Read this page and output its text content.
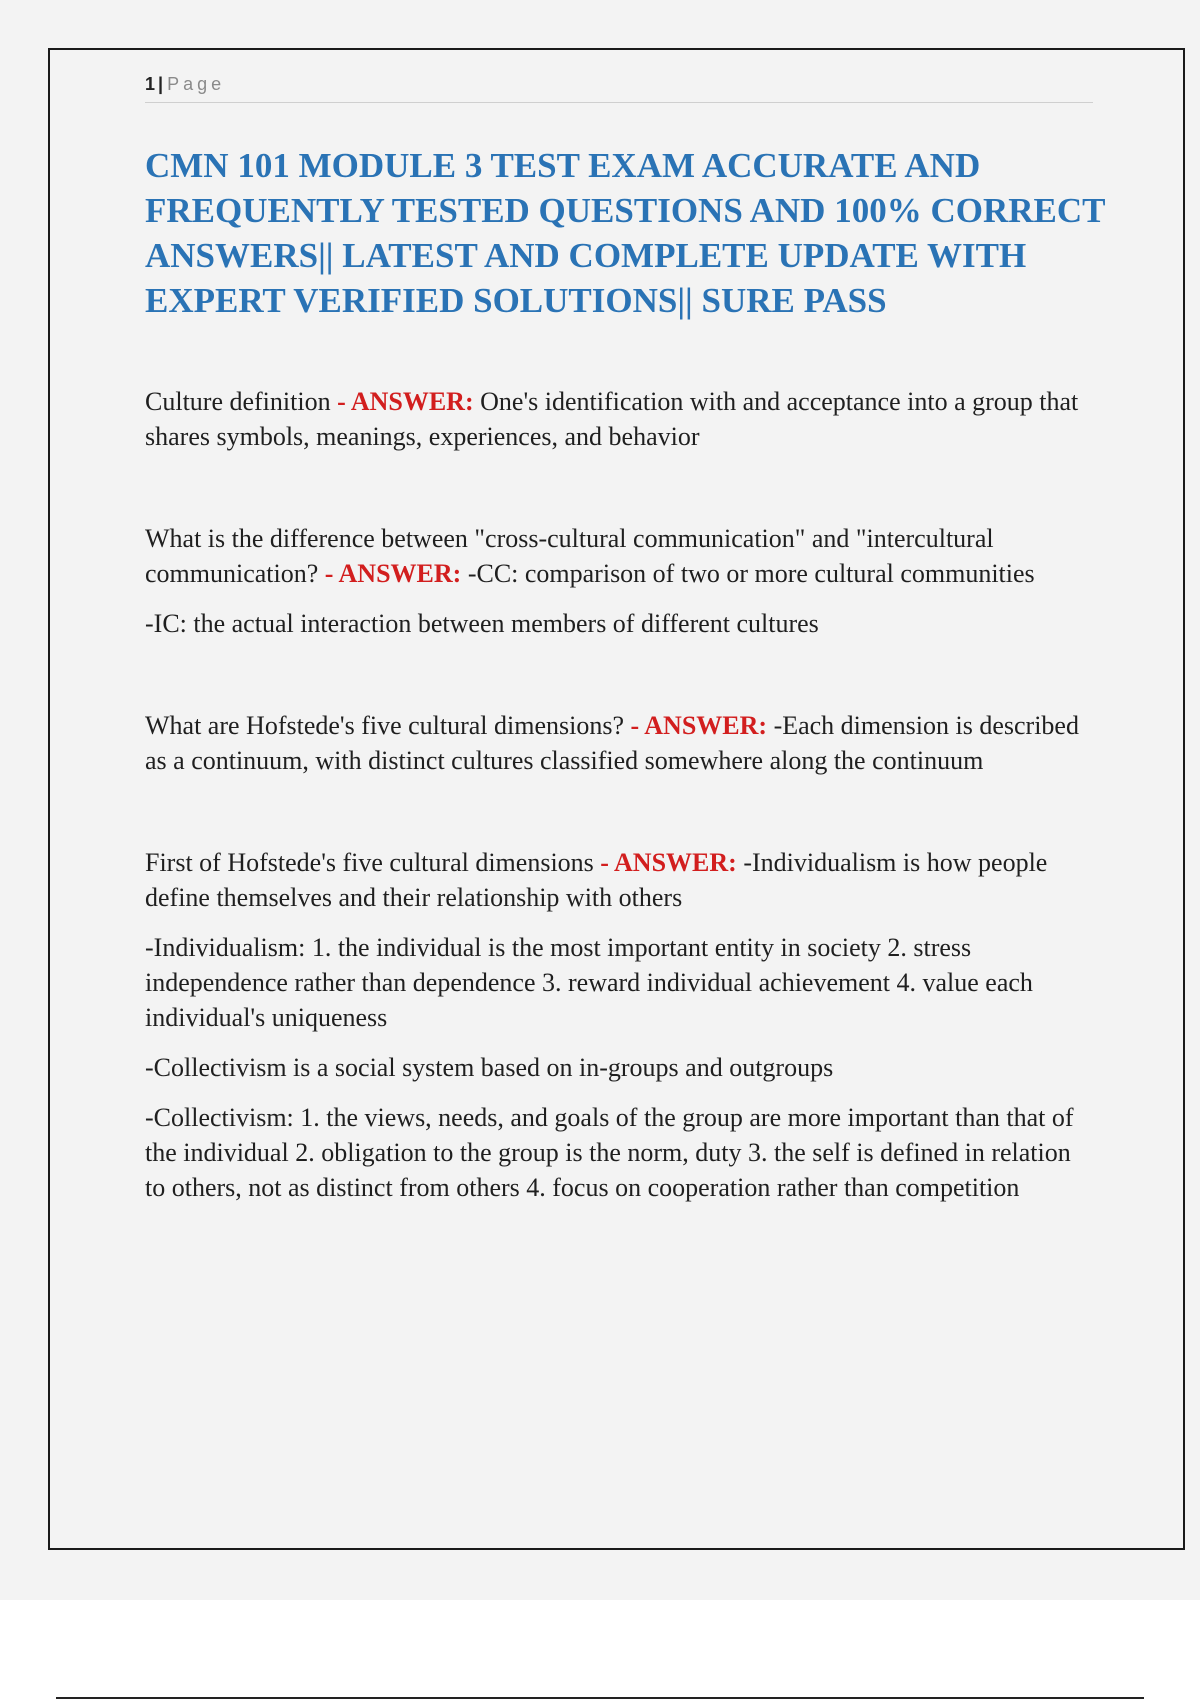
1 | Page
CMN 101 MODULE 3 TEST EXAM ACCURATE AND FREQUENTLY TESTED QUESTIONS AND 100% CORRECT ANSWERS|| LATEST AND COMPLETE UPDATE WITH EXPERT VERIFIED SOLUTIONS|| SURE PASS

Culture definition - ANSWER: One's identification with and acceptance into a group that shares symbols, meanings, experiences, and behavior

What is the difference between "cross-cultural communication" and "intercultural communication? - ANSWER: -CC: comparison of two or more cultural communities

-IC: the actual interaction between members of different cultures

What are Hofstede's five cultural dimensions? - ANSWER: -Each dimension is described as a continuum, with distinct cultures classified somewhere along the continuum

First of Hofstede's five cultural dimensions - ANSWER: -Individualism is how people define themselves and their relationship with others

-Individualism: 1. the individual is the most important entity in society 2. stress independence rather than dependence 3. reward individual achievement 4. value each individual's uniqueness

-Collectivism is a social system based on in-groups and outgroups

-Collectivism: 1. the views, needs, and goals of the group are more important than that of the individual 2. obligation to the group is the norm, duty 3. the self is defined in relation to others, not as distinct from others 4. focus on cooperation rather than competition
